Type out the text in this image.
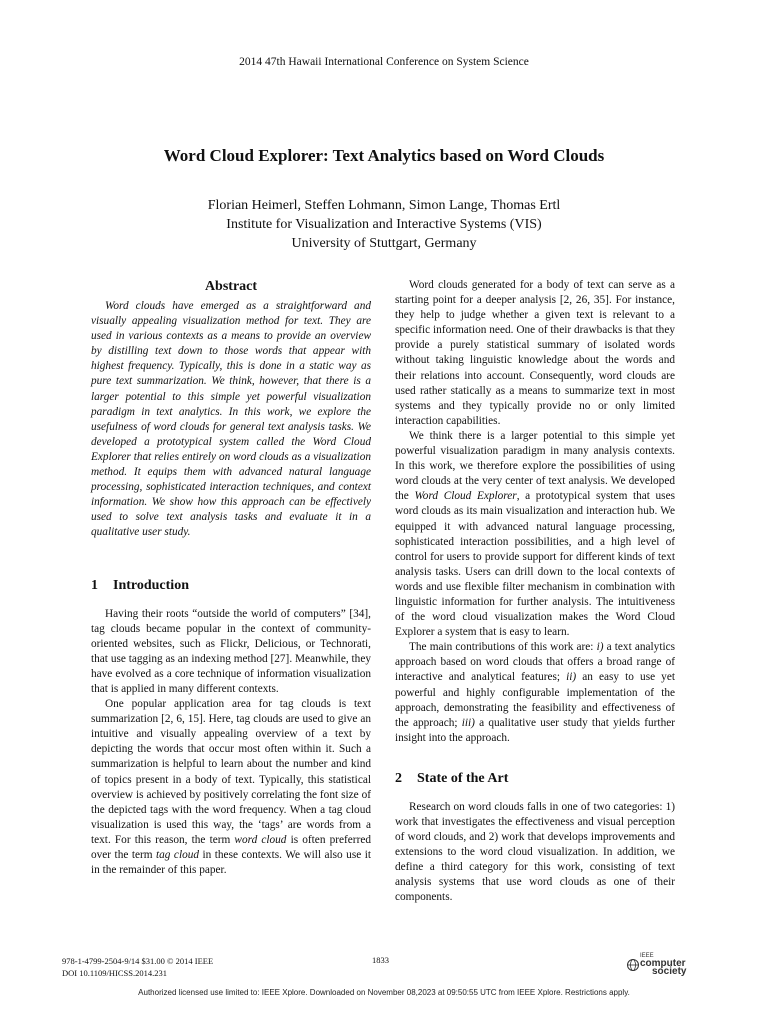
2014 47th Hawaii International Conference on System Science
Word Cloud Explorer: Text Analytics based on Word Clouds
Florian Heimerl, Steffen Lohmann, Simon Lange, Thomas Ertl
Institute for Visualization and Interactive Systems (VIS)
University of Stuttgart, Germany
Abstract

Word clouds have emerged as a straightforward and visually appealing visualization method for text. They are used in various contexts as a means to provide an overview by distilling text down to those words that appear with highest frequency. Typically, this is done in a static way as pure text summarization. We think, however, that there is a larger potential to this simple yet powerful visualization paradigm in text analytics. In this work, we explore the usefulness of word clouds for general text analysis tasks. We developed a prototypical system called the Word Cloud Explorer that relies entirely on word clouds as a visualization method. It equips them with advanced natural language processing, sophisticated interaction techniques, and context information. We show how this approach can be effectively used to solve text analysis tasks and evaluate it in a qualitative user study.

1 Introduction

Having their roots “outside the world of computers” [34], tag clouds became popular in the context of community-oriented websites, such as Flickr, Delicious, or Technorati, that use tagging as an indexing method [27]. Meanwhile, they have evolved as a core technique of information visualization that is applied in many different contexts.

One popular application area for tag clouds is text summarization [2, 6, 15]. Here, tag clouds are used to give an intuitive and visually appealing overview of a text by depicting the words that occur most often within it. Such a summarization is helpful to learn about the number and kind of topics present in a body of text. Typically, this statistical overview is achieved by positively correlating the font size of the depicted tags with the word frequency. When a tag cloud visualization is used this way, the ‘tags’ are words from a text. For this reason, the term word cloud is often preferred over the term tag cloud in these contexts. We will also use it in the remainder of this paper.

Word clouds generated for a body of text can serve as a starting point for a deeper analysis [2, 26, 35]. For instance, they help to judge whether a given text is relevant to a specific information need. One of their drawbacks is that they provide a purely statistical summary of isolated words without taking linguistic knowledge about the words and their relations into account. Consequently, word clouds are used rather statically as a means to summarize text in most systems and they typically provide no or only limited interaction capabilities.

We think there is a larger potential to this simple yet powerful visualization paradigm in many analysis contexts. In this work, we therefore explore the possibilities of using word clouds at the very center of text analysis. We developed the Word Cloud Explorer, a prototypical system that uses word clouds as its main visualization and interaction hub. We equipped it with advanced natural language processing, sophisticated interaction possibilities, and a high level of control for users to provide support for different kinds of text analysis tasks. Users can drill down to the local contexts of words and use flexible filter mechanism in combination with linguistic information for further analysis. The intuitiveness of the word cloud visualization makes the Word Cloud Explorer a system that is easy to learn.

The main contributions of this work are: i) a text analytics approach based on word clouds that offers a broad range of interactive and analytical features; ii) an easy to use yet powerful and highly configurable implementation of the approach, demonstrating the feasibility and effectiveness of the approach; iii) a qualitative user study that yields further insight into the approach.

2 State of the Art

Research on word clouds falls in one of two categories: 1) work that investigates the effectiveness and visual perception of word clouds, and 2) work that develops improvements and extensions to the word cloud visualization. In addition, we define a third category for this work, consisting of text analysis systems that use word clouds as one of their components.

978-1-4799-2504-9/14 $31.00 © 2014 IEEE
DOI 10.1109/HICSS.2014.231
1833	IEEE
computer
society
Authorized licensed use limited to: IEEE Xplore. Downloaded on November 08,2023 at 09:50:55 UTC from IEEE Xplore. Restrictions apply.
